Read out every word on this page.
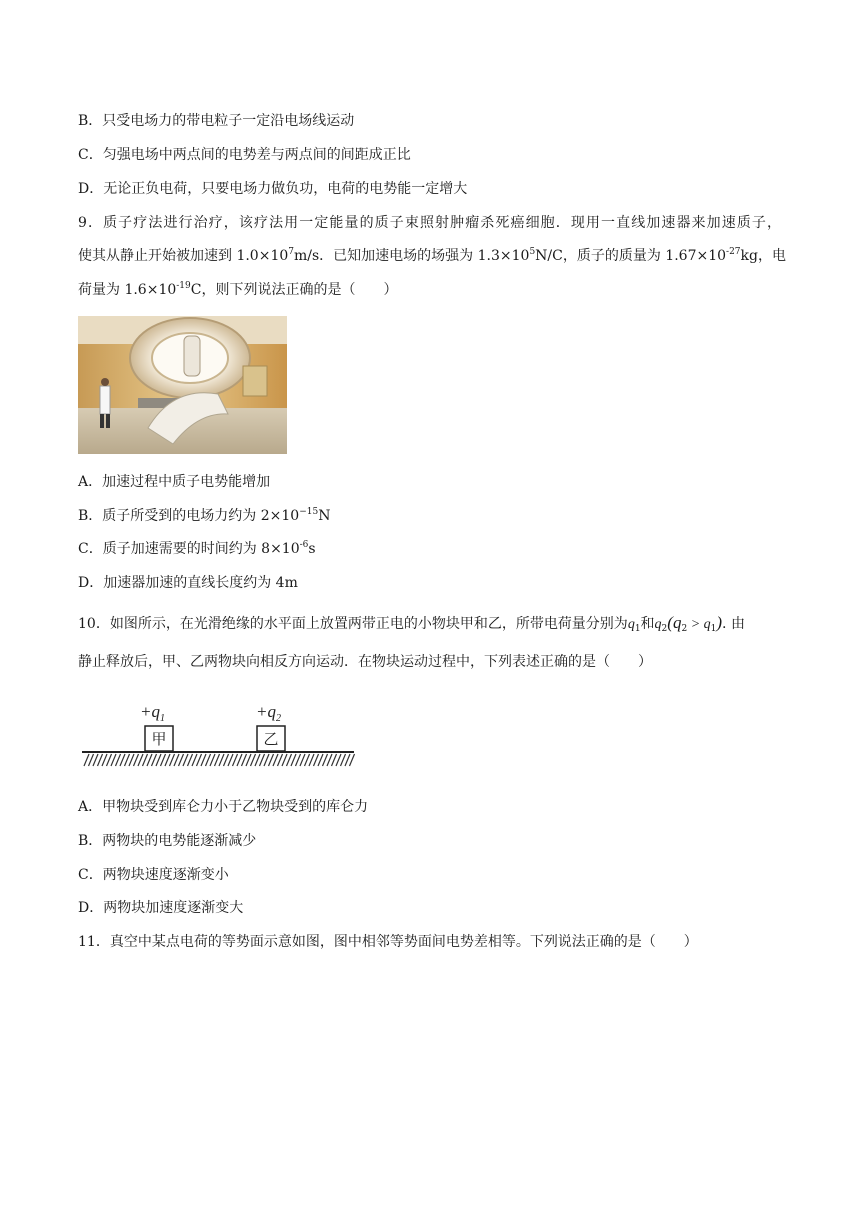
B．只受电场力的带电粒子一定沿电场线运动
C．匀强电场中两点间的电势差与两点间的间距成正比
D．无论正负电荷，只要电场力做负功，电荷的电势能一定增大
9．质子疗法进行治疗，该疗法用一定能量的质子束照射肿瘤杀死癌细胞．现用一直线加速器来加速质子，
使其从静止开始被加速到 $1.0\times 10^7m/s$．已知加速电场的场强为 $1.3\times 10^5N/C$，质子的质量为 $1.67\times 10^{-27}kg$，电
荷量为 $1.6\times 10^{-19}C$，则下列说法正确的是（　　）
A．加速过程中质子电势能增加
B．质子所受到的电场力约为 $2\times 10^{-15}N$
C．质子加速需要的时间约为 $8\times 10^{-6}s$
D．加速器加速的直线长度约为 4m
10．如图所示，在光滑绝缘的水平面上放置两带正电的小物块甲和乙，所带电荷量分别为$q_1$和$q_2(q_2 > q_1)$. 由
静止释放后，甲、乙两物块向相反方向运动．在物块运动过程中，下列表述正确的是（　　）
$+q_1$	$+q_2$
甲	乙
A．甲物块受到库仑力小于乙物块受到的库仑力
B．两物块的电势能逐渐减少
C．两物块速度逐渐变小
D．两物块加速度逐渐变大
11．真空中某点电荷的等势面示意如图，图中相邻等势面间电势差相等。下列说法正确的是（　　）
